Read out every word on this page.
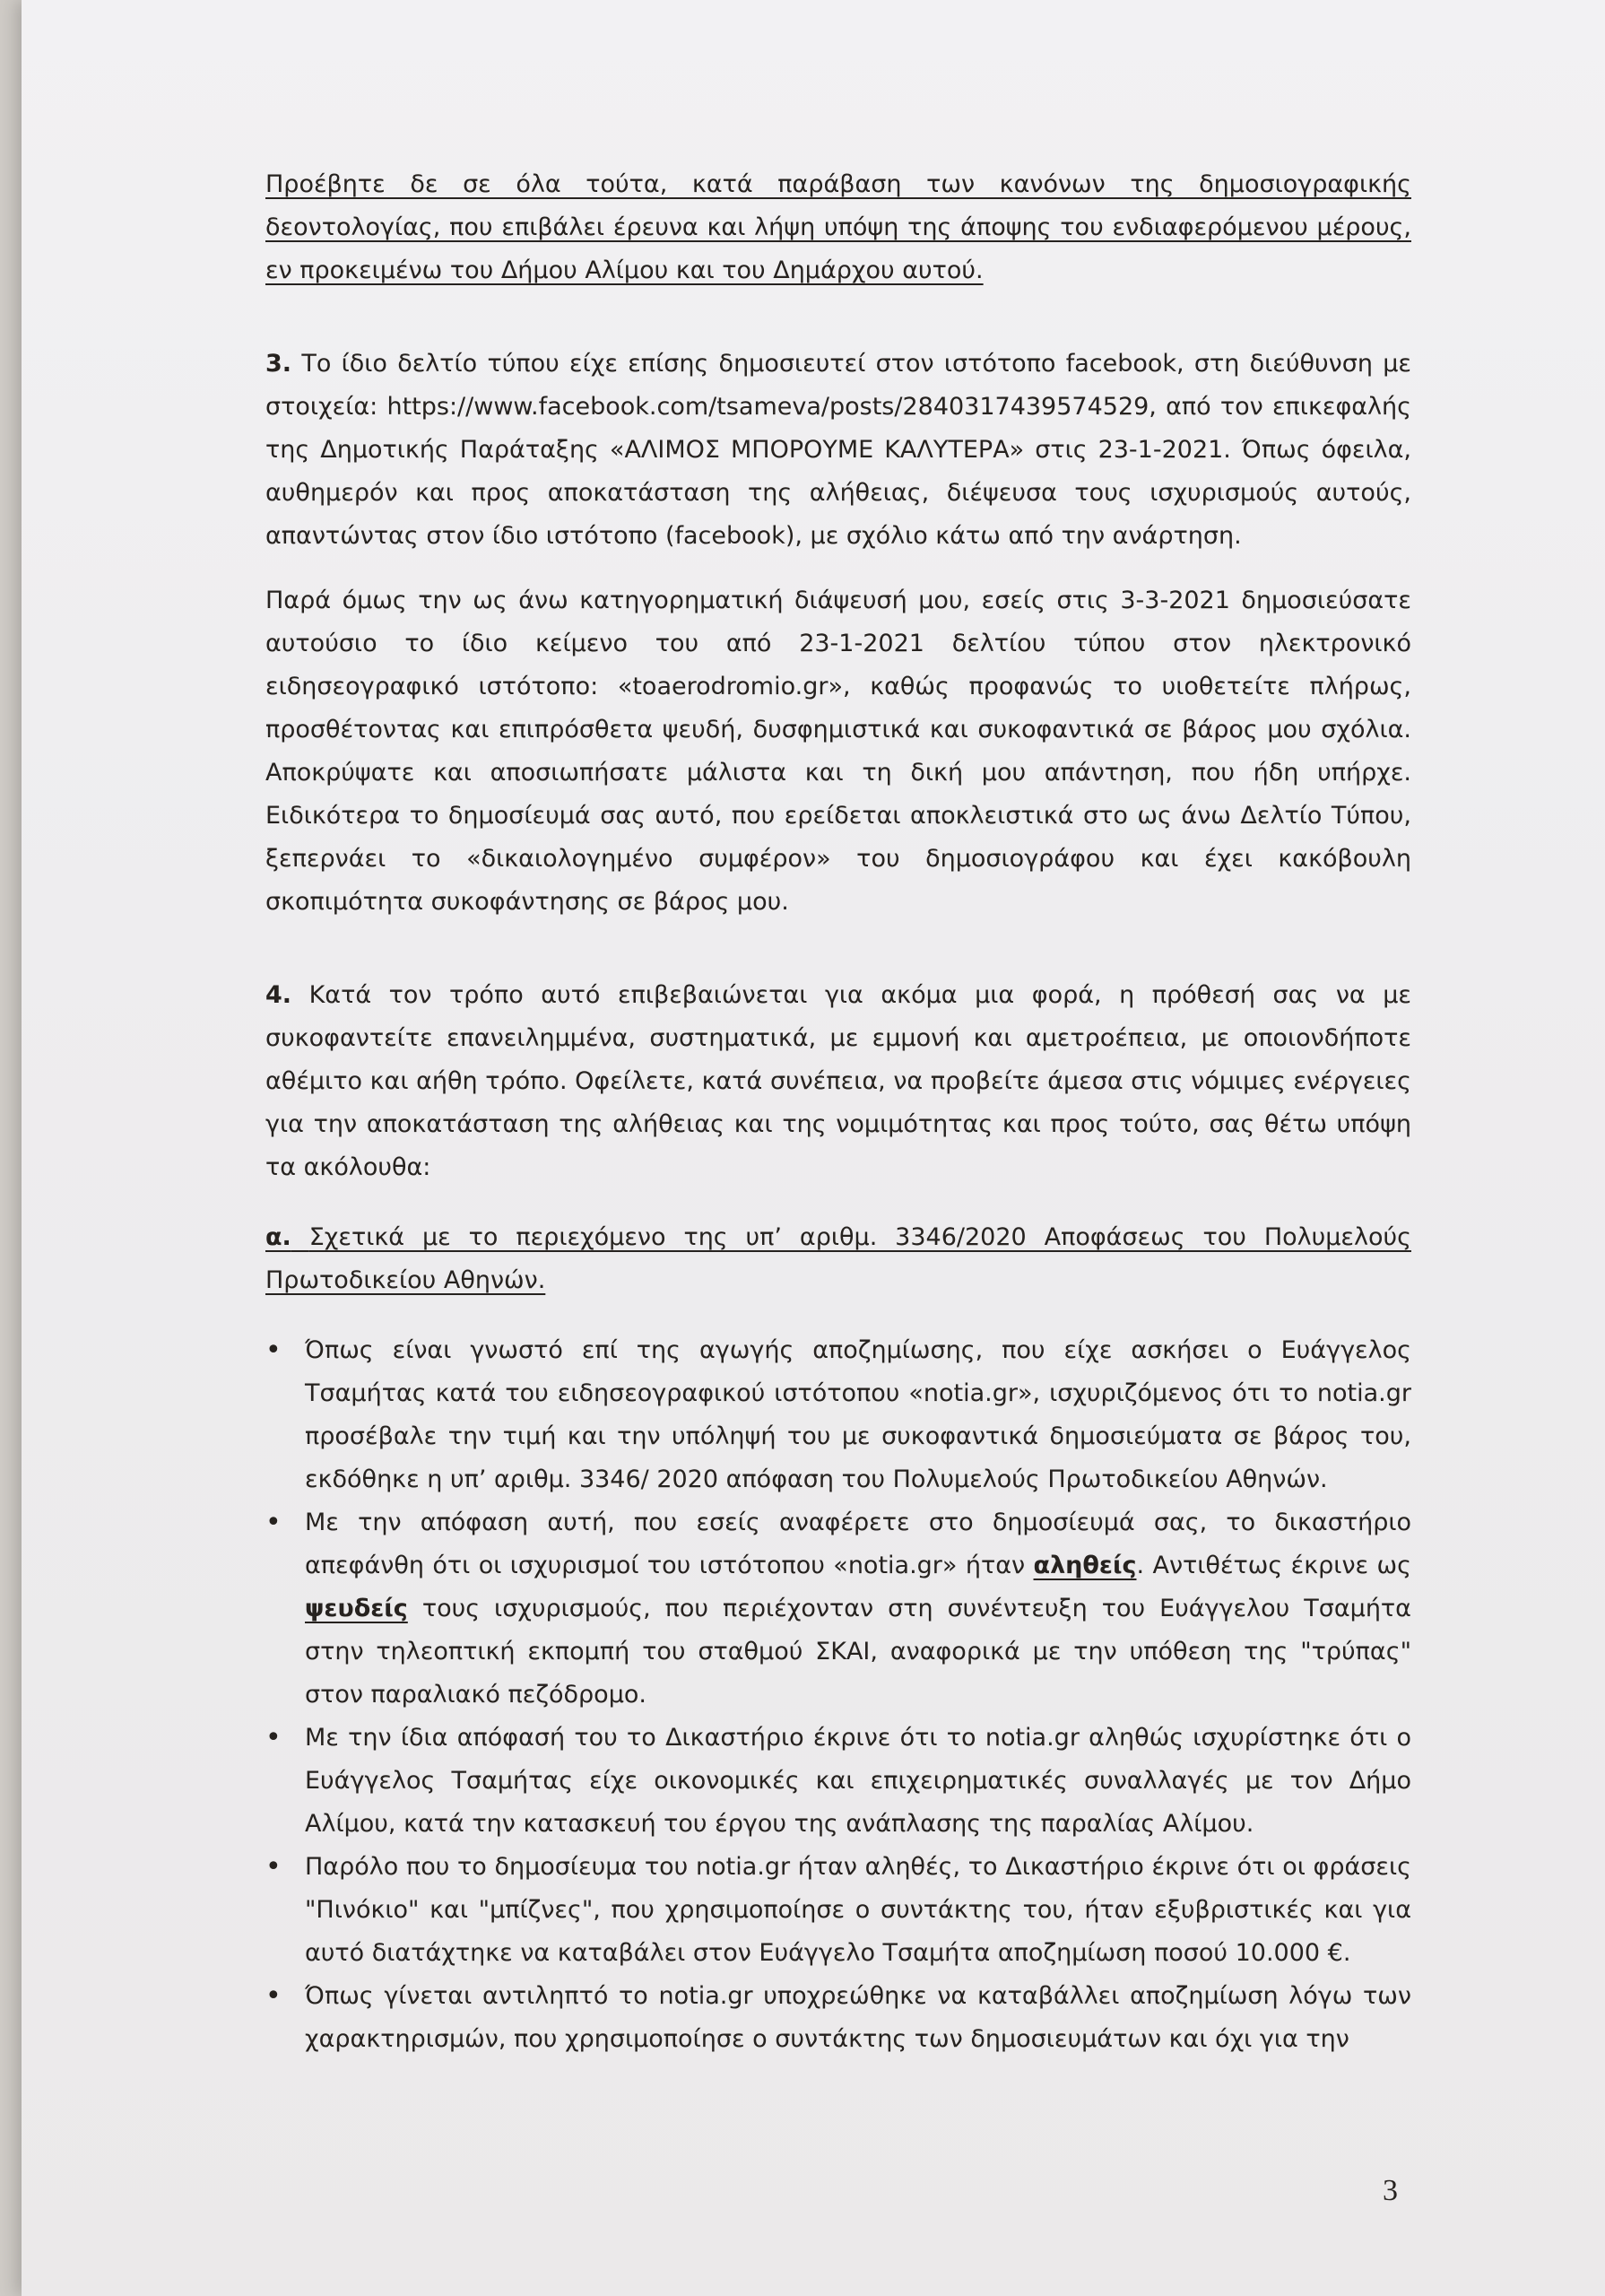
Προέβητε δε σε όλα τούτα, κατά παράβαση των κανόνων της δημοσιογραφικής δεοντολογίας, που επιβάλει έρευνα και λήψη υπόψη της άποψης του ενδιαφερόμενου μέρους, εν προκειμένω του Δήμου Αλίμου και του Δημάρχου αυτού.

3. Το ίδιο δελτίο τύπου είχε επίσης δημοσιευτεί στον ιστότοπο facebook, στη διεύθυνση με στοιχεία: https://www.facebook.com/tsameva/posts/2840317439574529, από τον επικεφαλής της Δημοτικής Παράταξης «ΑΛΙΜΟΣ ΜΠΟΡΟΥΜΕ ΚΑΛΥΤΕΡΑ» στις 23-1-2021. Όπως όφειλα, αυθημερόν και προς αποκατάσταση της αλήθειας, διέψευσα τους ισχυρισμούς αυτούς, απαντώντας στον ίδιο ιστότοπο (facebook), με σχόλιο κάτω από την ανάρτηση.

Παρά όμως την ως άνω κατηγορηματική διάψευσή μου, εσείς στις 3-3-2021 δημοσιεύσατε αυτούσιο το ίδιο κείμενο του από 23-1-2021 δελτίου τύπου στον ηλεκτρονικό ειδησεογραφικό ιστότοπο: «toaerodromio.gr», καθώς προφανώς το υιοθετείτε πλήρως, προσθέτοντας και επιπρόσθετα ψευδή, δυσφημιστικά και συκοφαντικά σε βάρος μου σχόλια. Αποκρύψατε και αποσιωπήσατε μάλιστα και τη δική μου απάντηση, που ήδη υπήρχε. Ειδικότερα το δημοσίευμά σας αυτό, που ερείδεται αποκλειστικά στο ως άνω Δελτίο Τύπου, ξεπερνάει το «δικαιολογημένο συμφέρον» του δημοσιογράφου και έχει κακόβουλη σκοπιμότητα συκοφάντησης σε βάρος μου.

4. Κατά τον τρόπο αυτό επιβεβαιώνεται για ακόμα μια φορά, η πρόθεσή σας να με συκοφαντείτε επανειλημμένα, συστηματικά, με εμμονή και αμετροέπεια, με οποιονδήποτε αθέμιτο και αήθη τρόπο. Οφείλετε, κατά συνέπεια, να προβείτε άμεσα στις νόμιμες ενέργειες για την αποκατάσταση της αλήθειας και της νομιμότητας και προς τούτο, σας θέτω υπόψη τα ακόλουθα:

α. Σχετικά με το περιεχόμενο της υπ’ αριθμ. 3346/2020 Αποφάσεως του Πολυμελούς Πρωτοδικείου Αθηνών.

• Όπως είναι γνωστό επί της αγωγής αποζημίωσης, που είχε ασκήσει ο Ευάγγελος Τσαμήτας κατά του ειδησεογραφικού ιστότοπου «notia.gr», ισχυριζόμενος ότι το notia.gr προσέβαλε την τιμή και την υπόληψή του με συκοφαντικά δημοσιεύματα σε βάρος του, εκδόθηκε η υπ’ αριθμ. 3346/ 2020 απόφαση του Πολυμελούς Πρωτοδικείου Αθηνών.
• Με την απόφαση αυτή, που εσείς αναφέρετε στο δημοσίευμά σας, το δικαστήριο απεφάνθη ότι οι ισχυρισμοί του ιστότοπου «notia.gr» ήταν αληθείς. Αντιθέτως έκρινε ως ψευδείς τους ισχυρισμούς, που περιέχονταν στη συνέντευξη του Ευάγγελου Τσαμήτα στην τηλεοπτική εκπομπή του σταθμού ΣΚΑΙ, αναφορικά με την υπόθεση της "τρύπας" στον παραλιακό πεζόδρομο.
• Με την ίδια απόφασή του το Δικαστήριο έκρινε ότι το notia.gr αληθώς ισχυρίστηκε ότι ο Ευάγγελος Τσαμήτας είχε οικονομικές και επιχειρηματικές συναλλαγές με τον Δήμο Αλίμου, κατά την κατασκευή του έργου της ανάπλασης της παραλίας Αλίμου.
• Παρόλο που το δημοσίευμα του notia.gr ήταν αληθές, το Δικαστήριο έκρινε ότι οι φράσεις "Πινόκιο" και "μπίζνες", που χρησιμοποίησε ο συντάκτης του, ήταν εξυβριστικές και για αυτό διατάχτηκε να καταβάλει στον Ευάγγελο Τσαμήτα αποζημίωση ποσού 10.000 €.
• Όπως γίνεται αντιληπτό το notia.gr υποχρεώθηκε να καταβάλλει αποζημίωση λόγω των χαρακτηρισμών, που χρησιμοποίησε ο συντάκτης των δημοσιευμάτων και όχι για την
3
